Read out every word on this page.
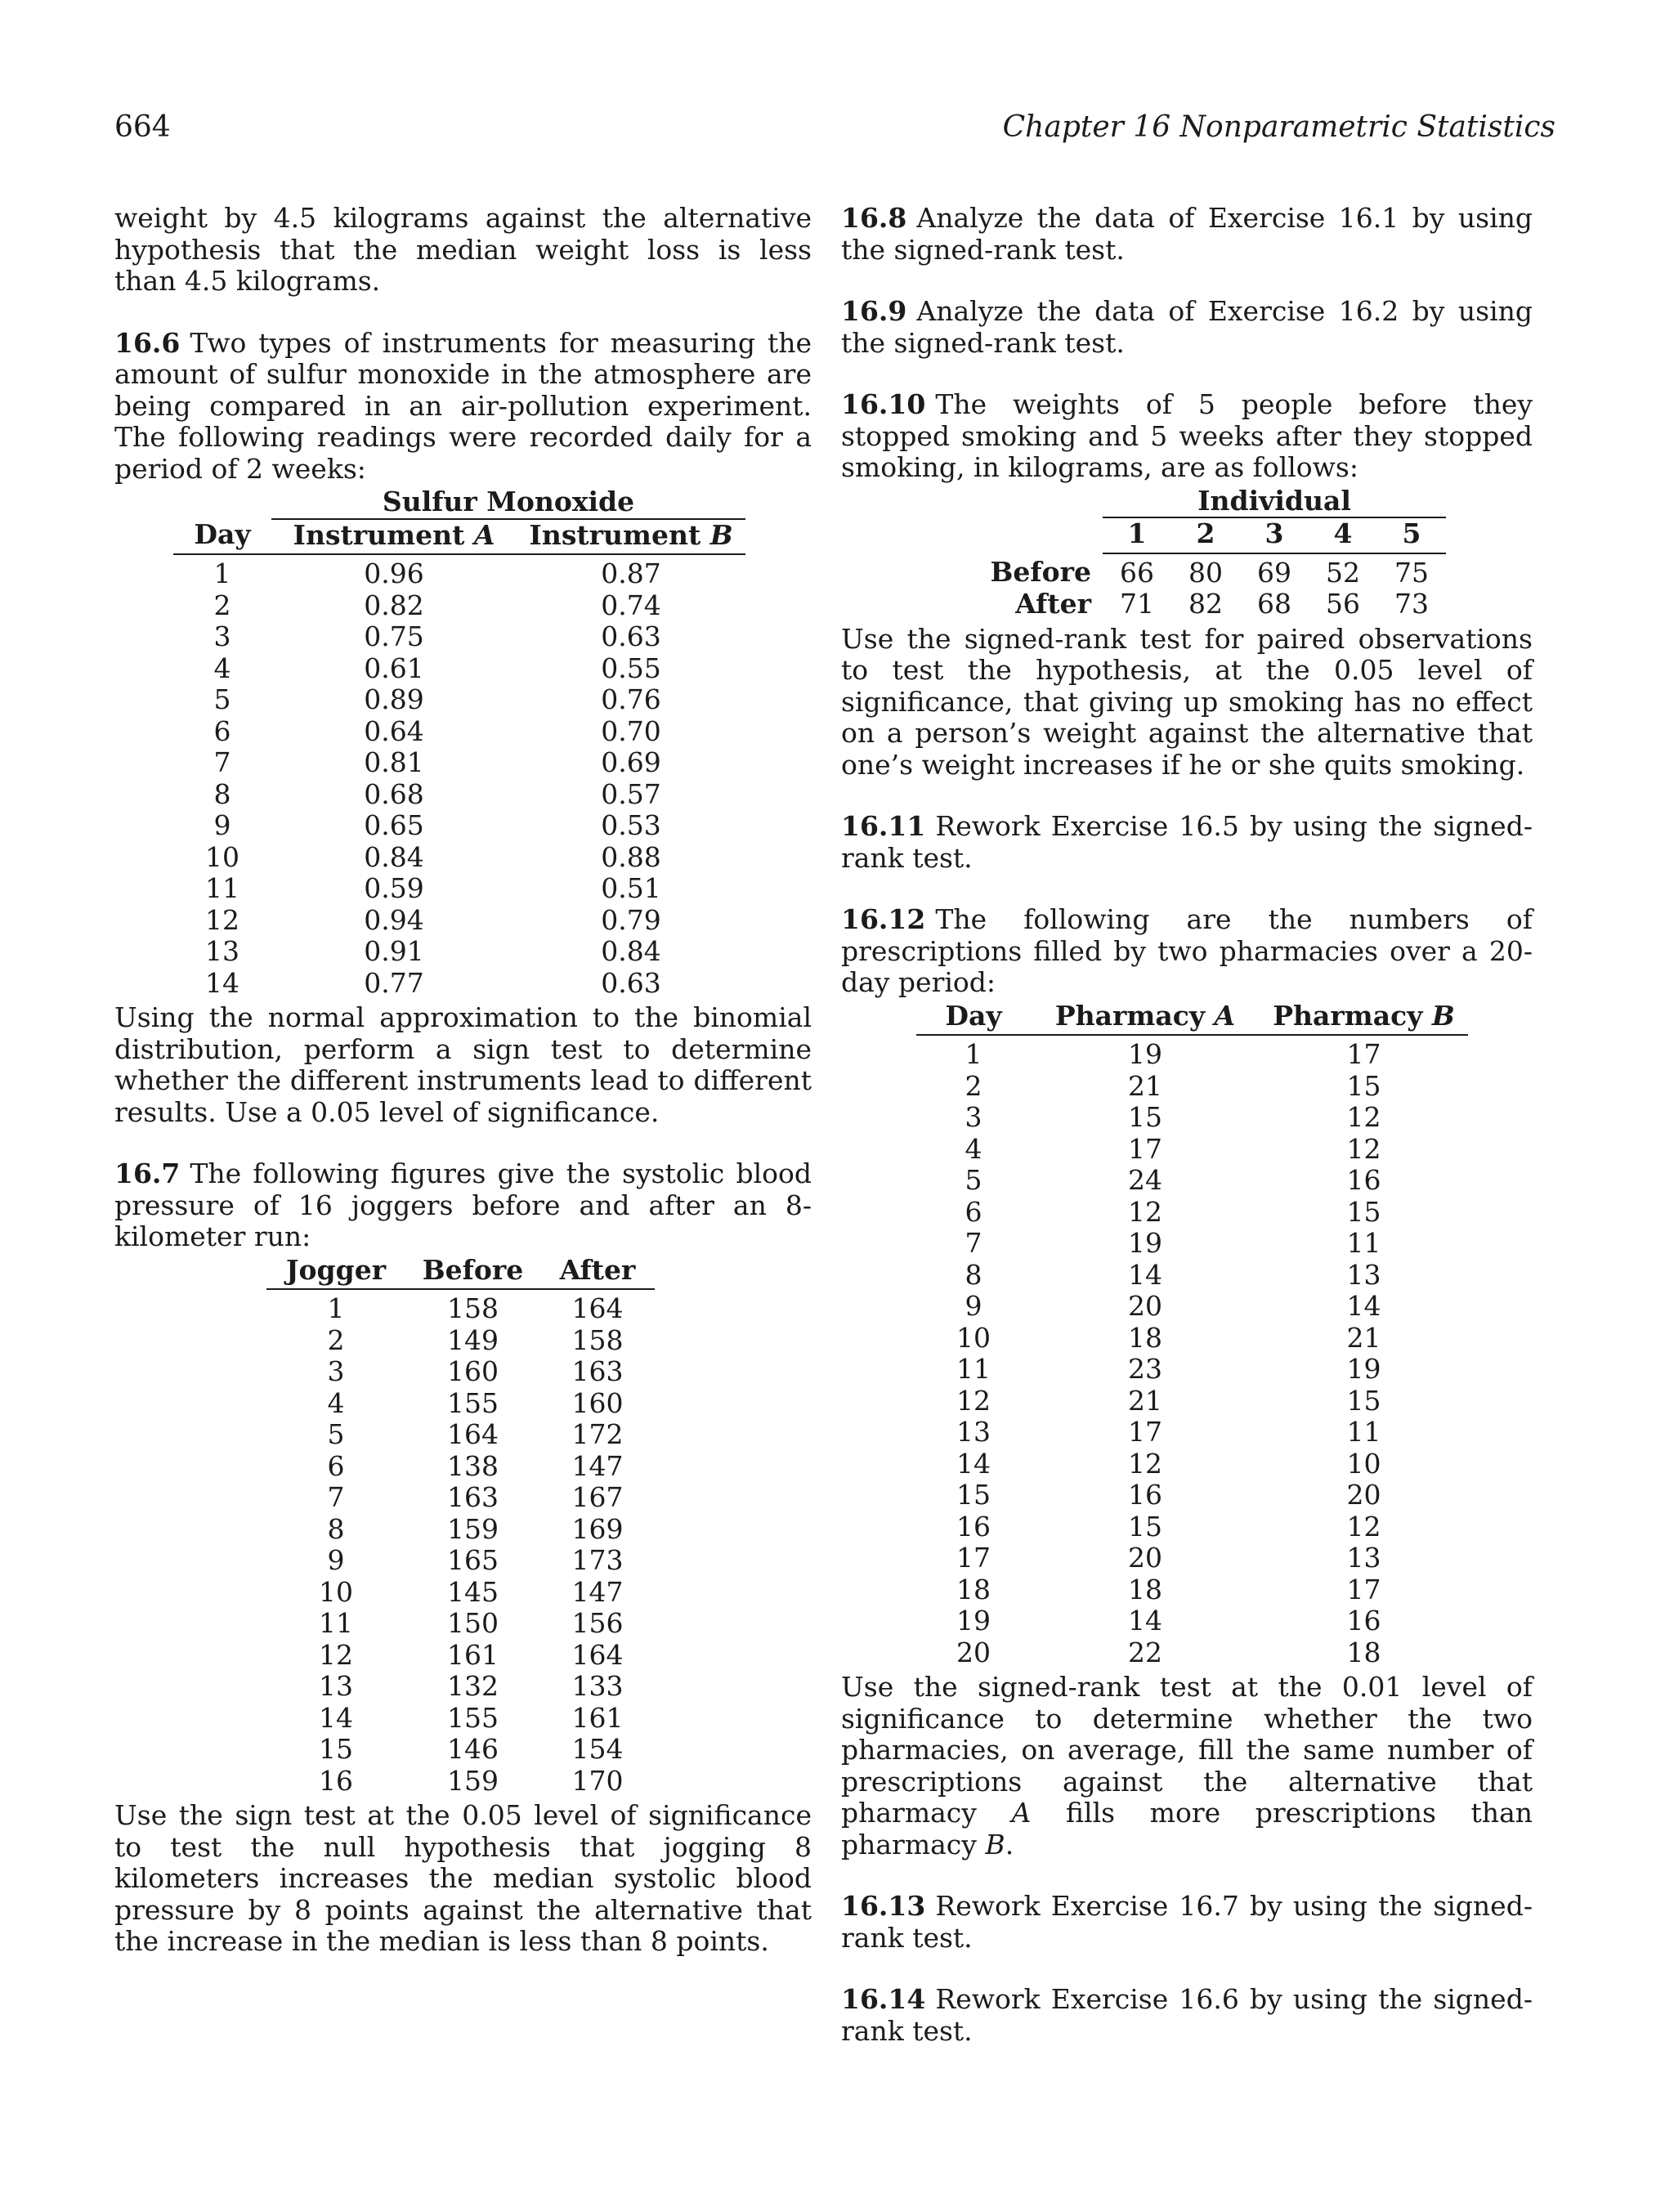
664	Chapter 16 Nonparametric Statistics

weight by 4.5 kilograms against the alternative hypothesis that the median weight loss is less than 4.5 kilograms.

16.6 Two types of instruments for measuring the amount of sulfur monoxide in the atmosphere are being compared in an air-pollution experiment. The following readings were recorded daily for a period of 2 weeks:

	Sulfur Monoxide	
Day	Instrument A	Instrument B
1	0.96	0.87
2	0.82	0.74
3	0.75	0.63
4	0.61	0.55
5	0.89	0.76
6	0.64	0.70
7	0.81	0.69
8	0.68	0.57
9	0.65	0.53
10	0.84	0.88
11	0.59	0.51
12	0.94	0.79
13	0.91	0.84
14	0.77	0.63

Using the normal approximation to the binomial distribution, perform a sign test to determine whether the different instruments lead to different results. Use a 0.05 level of significance.

16.7 The following figures give the systolic blood pressure of 16 joggers before and after an 8-kilometer run:

Jogger	Before	After
1	158	164
2	149	158
3	160	163
4	155	160
5	164	172
6	138	147
7	163	167
8	159	169
9	165	173
10	145	147
11	150	156
12	161	164
13	132	133
14	155	161
15	146	154
16	159	170

Use the sign test at the 0.05 level of significance to test the null hypothesis that jogging 8 kilometers increases the median systolic blood pressure by 8 points against the alternative that the increase in the median is less than 8 points.

16.8 Analyze the data of Exercise 16.1 by using the signed-rank test.

16.9 Analyze the data of Exercise 16.2 by using the signed-rank test.

16.10 The weights of 5 people before they stopped smoking and 5 weeks after they stopped smoking, in kilograms, are as follows:

	Individual				
	1	2	3	4	5
Before	66	80	69	52	75
After	71	82	68	56	73

Use the signed-rank test for paired observations to test the hypothesis, at the 0.05 level of significance, that giving up smoking has no effect on a person’s weight against the alternative that one’s weight increases if he or she quits smoking.

16.11 Rework Exercise 16.5 by using the signed-rank test.

16.12 The following are the numbers of prescriptions filled by two pharmacies over a 20-day period:

Day	Pharmacy A	Pharmacy B
1	19	17
2	21	15
3	15	12
4	17	12
5	24	16
6	12	15
7	19	11
8	14	13
9	20	14
10	18	21
11	23	19
12	21	15
13	17	11
14	12	10
15	16	20
16	15	12
17	20	13
18	18	17
19	14	16
20	22	18

Use the signed-rank test at the 0.01 level of significance to determine whether the two pharmacies, on average, fill the same number of prescriptions against the alternative that pharmacy A fills more prescriptions than pharmacy B.

16.13 Rework Exercise 16.7 by using the signed-rank test.

16.14 Rework Exercise 16.6 by using the signed-rank test.
